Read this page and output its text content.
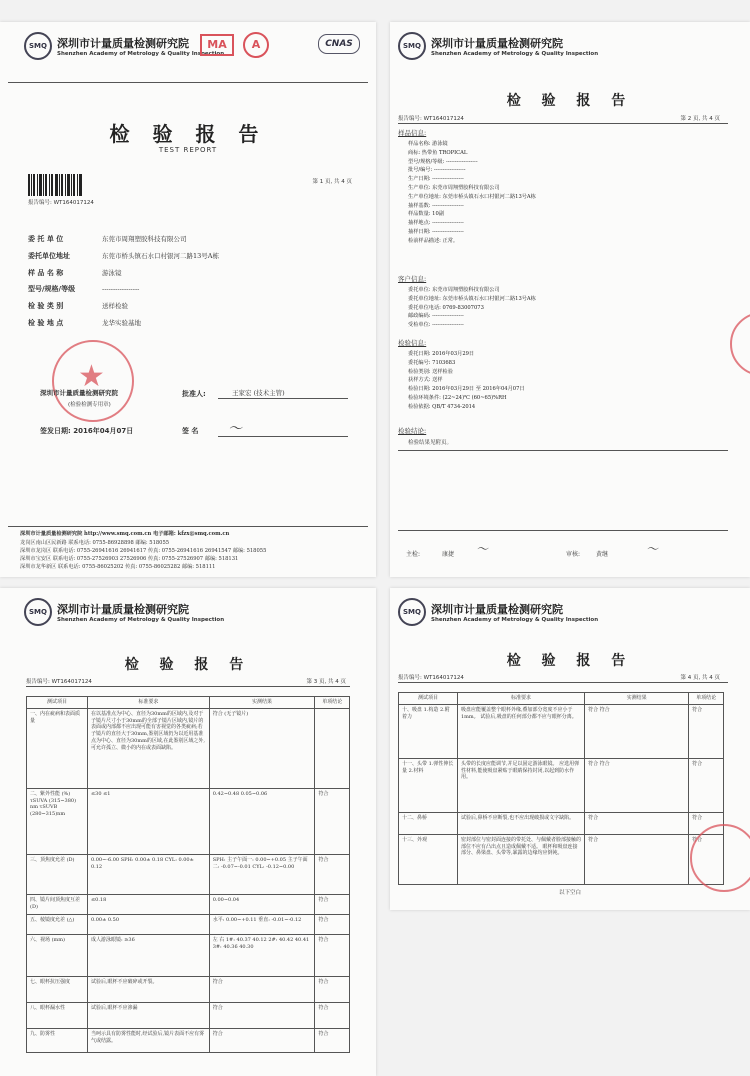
SMQ 深圳市计量质量检测研究院
Shenzhen Academy of Metrology & Quality Inspection
MA	A	CNAS
检 验 报 告
TEST REPORT
报告编号: WT164017124
第 1 页, 共 4 页
委 托 单 位	东莞市周翔塑胶科技有限公司
委托单位地址	东莞市桥头镇石水口村银河二路13号A栋
样 品 名 称	游泳镜
型号/规格/等级	-----------------
检 验 类 别	送样检验
检 验 地 点	龙华实验基地
★
深圳市计量质量检测研究院
(检验检测专用章)
批准人:	王家宏 (技术主管)
签发日期: 2016年04月07日	签 名 〜
深圳市计量质量检测研究院 http://www.smq.com.cn 电子邮箱: kfzx@smq.com.cn
龙岗区南山区民新路 联系电话: 0755-86928898 邮编: 518055
深圳市龙岗区 联系电话: 0755-26941616 26941617 传真: 0755-26941616 26941547 邮编: 518055
深圳市宝安区 联系电话: 0755-27526903 27526906 传真: 0755-27526907 邮编: 518131
深圳市龙华新区 联系电话: 0755-86025202 传真: 0755-86025282 邮编: 518111
SMQ 深圳市计量质量检测研究院
Shenzhen Academy of Metrology & Quality Inspection
检 验 报 告
报告编号: WT164017124	第 2 页, 共 4 页
样品信息:
样品名称: 游泳镜
商标: 热带鱼 TROPICAL
型号/规格/等级: ------------------
批号/编号: ------------------
生产日期: ------------------
生产单位: 东莞市周翔塑胶科技有限公司
生产单位地址: 东莞市桥头镇石水口村银河二路13号A栋
抽样基数: ------------------
样品数量: 10副
抽样地点: ------------------
抽样日期: ------------------
检前样品描述: 正常。
客户信息:
委托单位: 东莞市周翔塑胶科技有限公司
委托单位地址: 东莞市桥头镇石水口村银河二路13号A栋
委托单位电话: 0769-83007073
邮政编码: ------------------
受检单位: ------------------
检验信息:
委托日期: 2016年03月29日
委托编号: 7103683
检验类别: 送样检验
获样方式: 送样
检验日期: 2016年03月29日 至 2016年04月07日
检验环境条件: (22~24)℃ (60~65)%RH
检验依据: QB/T 4734-2014
检验结论:
检验结果见附页。
主检:	康捷 〜	审核:	黄继	〜
SMQ 深圳市计量质量检测研究院
Shenzhen Academy of Metrology & Quality Inspection
检 验 报 告
报告编号: WT164017124	第 3 页, 共 4 页
测试项目	标准要求	实测结果	单项结论
一、内在疵病和表面质量	在以基准点为中心、直径为30mm的区域内,及对于子镜片尺寸小于30mm的全部子镜片区域内,镜片的表面或内部都不应出现可能有害视觉的各类疵病;若子镜片的直径大于30mm,鉴别区域仍为以近用基准点为中心、直径为30mm的区域,在此鉴别区域之外,可允许孤立、微小的内在或表面缺陷。	符合 (无子镜片)	
二、紫外性能 (%) τSUVA (315~380) nm τSUVB (280~315)nm	≤30 ≤1	0.42~0.48 0.05~0.06	符合
三、顶焦度允差 (D)	0.00~-6.00 SPH: 0.00± 0.18 CYL: 0.00± 0.12	SPH: 主子午面一: 0.00~+0.05 主子午面二: -0.07~-0.01 CYL: -0.12~0.00	符合
四、镜片间顶焦度互差 (D)	≤0.18	0.00~0.04	符合
五、棱镜度允差 (△)	0.00± 0.50	水平: 0.00~+0.11 垂直: -0.01~-0.12	符合
六、视场 (mm)	成人游泳眼镜: ≥36	左 右 1#: 40.37 40.12 2#: 40.42 40.41 3#: 40.36 40.30	符合
七、眼杯抗压强度	试验后,眼杯不应破碎或开裂。	符合	符合
八、眼杯漏水性	试验后,眼杯不应渗漏	符合	符合
九、防雾性	当呵示具有防雾性能时,经试验后,镜片表面不应有雾气或结露。	符合	符合
SMQ 深圳市计量质量检测研究院
Shenzhen Academy of Metrology & Quality Inspection
检 验 报 告
报告编号: WT164017124	第 4 页, 共 4 页
测试项目	标准要求	实测结果	单项结论
十、吸盘 1.构造 2.附着力	吸盘应能覆盖整个眼杯外缘,叠加部分宽度不应小于1mm。 试验后,吸盘的任何部分都不应与眼杯分离。	符合 符合	符合
十一、头带 1.弹性伸长量 2.材料	头带的长度应能调节,并足以固定游泳眼镜。 应选用弹性材料,能使吸盘紧贴于眼睛保持封闭,以起到防水作用。	符合 符合	符合
十二、鼻桥	试验后,鼻桥不应断裂,也不应出现破损或文字缺陷。	符合	符合
十三、外观	密封部位与密封面连接的带托处、与佩戴者脸部接触的部位不应有凸出点且造成佩戴不适。 眼杯和吸盘连接部分、鼻梁盘、头带等,暴露的边缘均应倒钝。	符合	符合
以下空白
